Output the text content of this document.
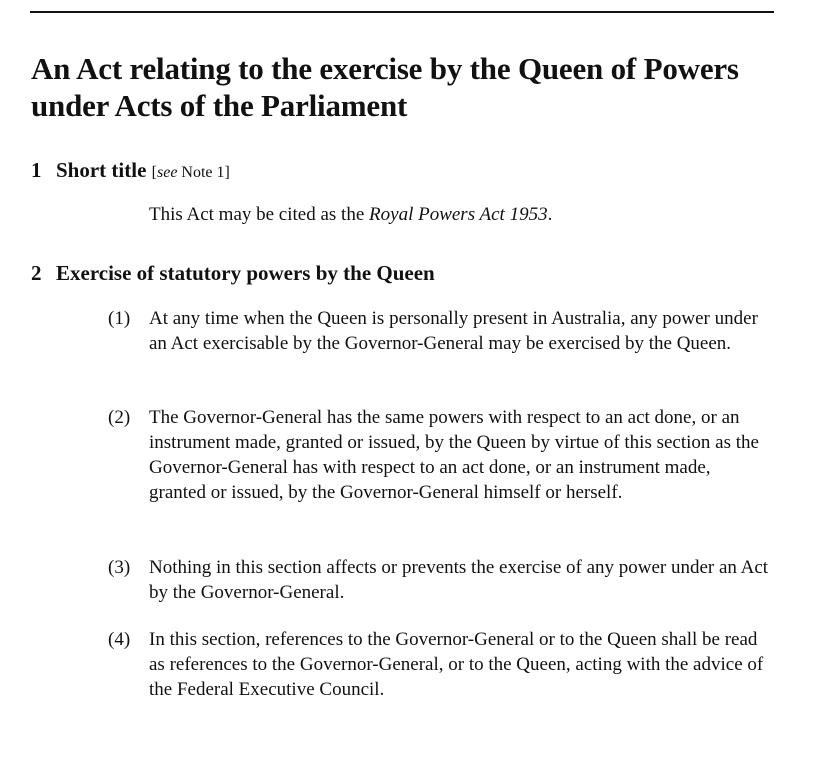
An Act relating to the exercise by the Queen of Powers under Acts of the Parliament
1 Short title [see Note 1]

This Act may be cited as the Royal Powers Act 1953.

2 Exercise of statutory powers by the Queen
(1) At any time when the Queen is personally present in Australia, any power under an Act exercisable by the Governor-General may be exercised by the Queen.
(2) The Governor-General has the same powers with respect to an act done, or an instrument made, granted or issued, by the Queen by virtue of this section as the Governor-General has with respect to an act done, or an instrument made, granted or issued, by the Governor-General himself or herself.
(3) Nothing in this section affects or prevents the exercise of any power under an Act by the Governor-General.
(4) In this section, references to the Governor-General or to the Queen shall be read as references to the Governor-General, or to the Queen, acting with the advice of the Federal Executive Council.
